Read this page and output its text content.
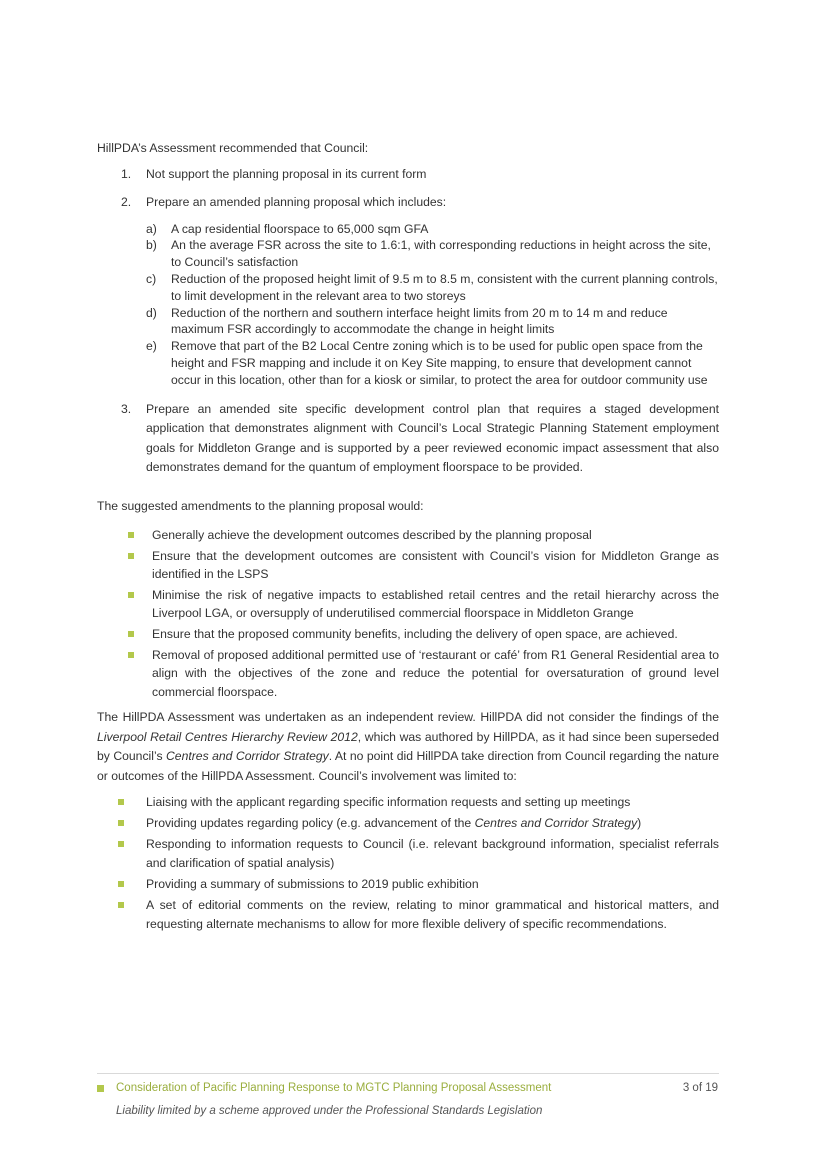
HillPDA’s Assessment recommended that Council:
1. Not support the planning proposal in its current form
2. Prepare an amended planning proposal which includes:
a) A cap residential floorspace to 65,000 sqm GFA
b) An the average FSR across the site to 1.6:1, with corresponding reductions in height across the site, to Council’s satisfaction
c) Reduction of the proposed height limit of 9.5 m to 8.5 m, consistent with the current planning controls, to limit development in the relevant area to two storeys
d) Reduction of the northern and southern interface height limits from 20 m to 14 m and reduce maximum FSR accordingly to accommodate the change in height limits
e) Remove that part of the B2 Local Centre zoning which is to be used for public open space from the height and FSR mapping and include it on Key Site mapping, to ensure that development cannot occur in this location, other than for a kiosk or similar, to protect the area for outdoor community use
3. Prepare an amended site specific development control plan that requires a staged development application that demonstrates alignment with Council’s Local Strategic Planning Statement employment goals for Middleton Grange and is supported by a peer reviewed economic impact assessment that also demonstrates demand for the quantum of employment floorspace to be provided.
The suggested amendments to the planning proposal would:
Generally achieve the development outcomes described by the planning proposal
Ensure that the development outcomes are consistent with Council’s vision for Middleton Grange as identified in the LSPS
Minimise the risk of negative impacts to established retail centres and the retail hierarchy across the Liverpool LGA, or oversupply of underutilised commercial floorspace in Middleton Grange
Ensure that the proposed community benefits, including the delivery of open space, are achieved.
Removal of proposed additional permitted use of ‘restaurant or café’ from R1 General Residential area to align with the objectives of the zone and reduce the potential for oversaturation of ground level commercial floorspace.
The HillPDA Assessment was undertaken as an independent review. HillPDA did not consider the findings of the Liverpool Retail Centres Hierarchy Review 2012, which was authored by HillPDA, as it had since been superseded by Council’s Centres and Corridor Strategy. At no point did HillPDA take direction from Council regarding the nature or outcomes of the HillPDA Assessment. Council’s involvement was limited to:
Liaising with the applicant regarding specific information requests and setting up meetings
Providing updates regarding policy (e.g. advancement of the Centres and Corridor Strategy)
Responding to information requests to Council (i.e. relevant background information, specialist referrals and clarification of spatial analysis)
Providing a summary of submissions to 2019 public exhibition
A set of editorial comments on the review, relating to minor grammatical and historical matters, and requesting alternate mechanisms to allow for more flexible delivery of specific recommendations.
Consideration of Pacific Planning Response to MGTC Planning Proposal Assessment	3 of 19
Liability limited by a scheme approved under the Professional Standards Legislation
